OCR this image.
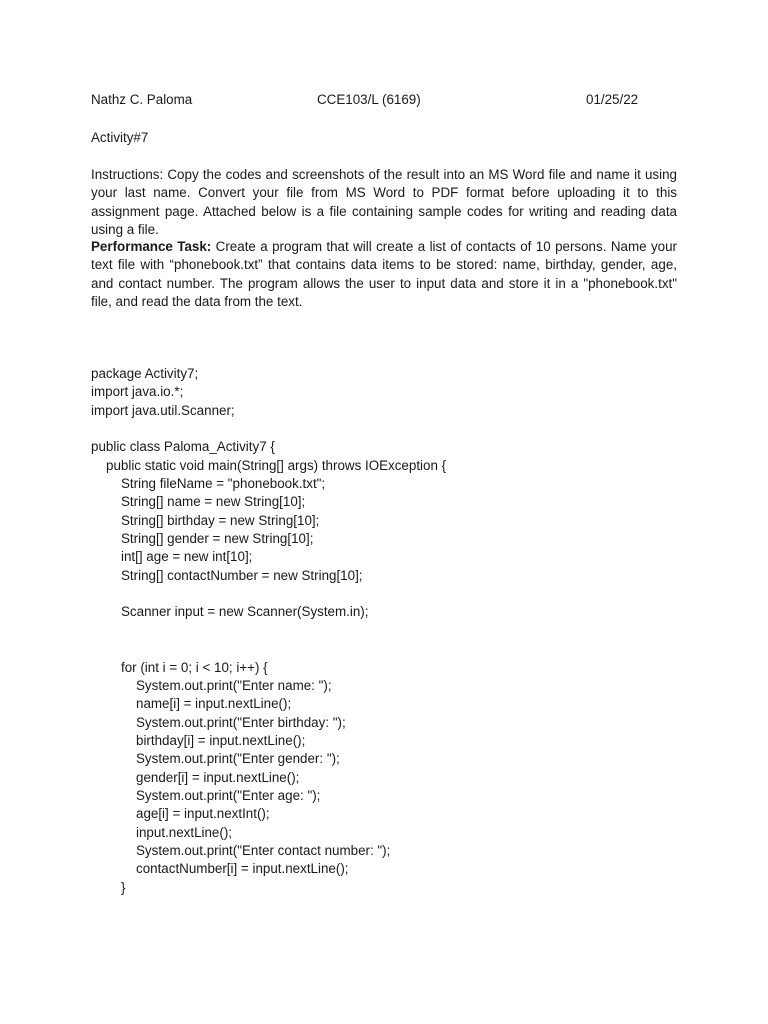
Nathz C. Paloma	CCE103/L (6169)	01/25/22
Activity#7
Instructions: Copy the codes and screenshots of the result into an MS Word file and name it using your last name. Convert your file from MS Word to PDF format before uploading it to this assignment page. Attached below is a file containing sample codes for writing and reading data using a file.
Performance Task: Create a program that will create a list of contacts of 10 persons. Name your text file with “phonebook.txt” that contains data items to be stored: name, birthday, gender, age, and contact number. The program allows the user to input data and store it in a "phonebook.txt" file, and read the data from the text.
package Activity7;
import java.io.*;
import java.util.Scanner;
public class Paloma_Activity7 {
public static void main(String[] args) throws IOException {
String fileName = "phonebook.txt";
String[] name = new String[10];
String[] birthday = new String[10];
String[] gender = new String[10];
int[] age = new int[10];
String[] contactNumber = new String[10];
Scanner input = new Scanner(System.in);
for (int i = 0; i < 10; i++) {
System.out.print("Enter name: ");
name[i] = input.nextLine();
System.out.print("Enter birthday: ");
birthday[i] = input.nextLine();
System.out.print("Enter gender: ");
gender[i] = input.nextLine();
System.out.print("Enter age: ");
age[i] = input.nextInt();
input.nextLine();
System.out.print("Enter contact number: ");
contactNumber[i] = input.nextLine();
}
